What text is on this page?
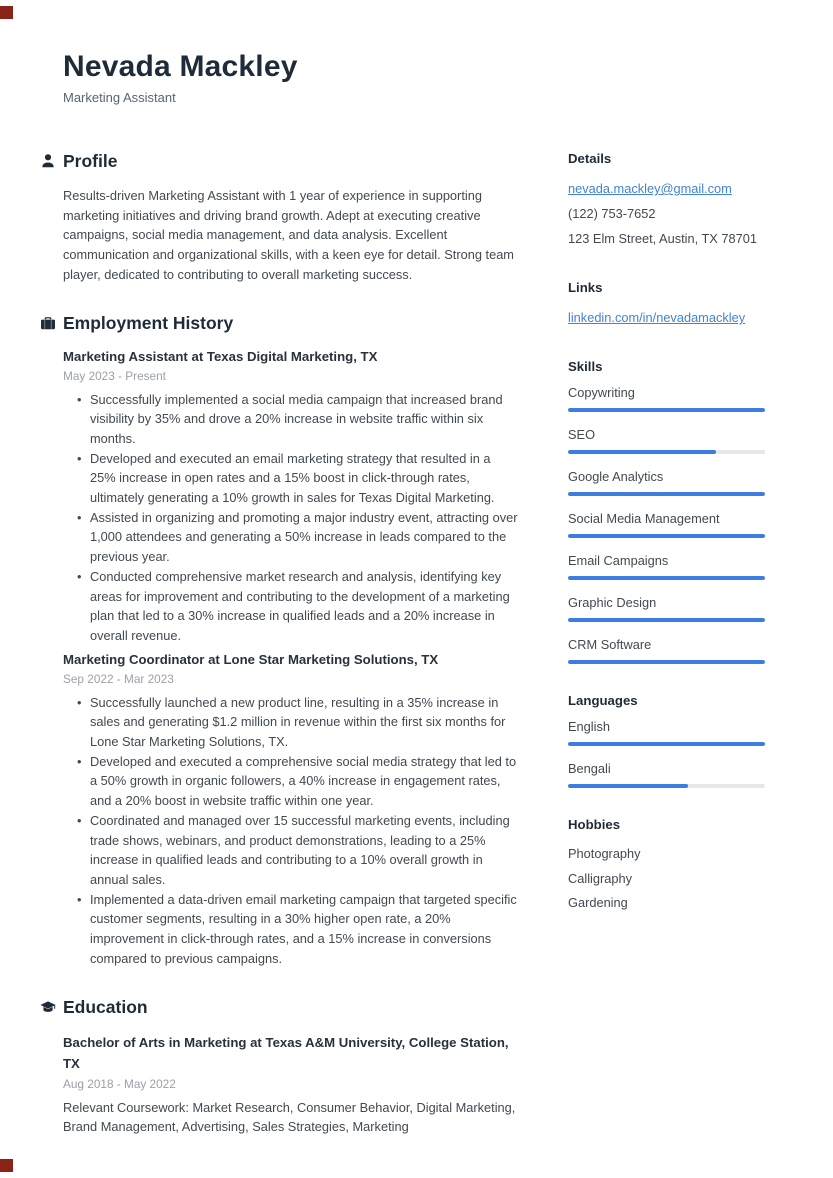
Nevada Mackley
Marketing Assistant
Profile
Results-driven Marketing Assistant with 1 year of experience in supporting marketing initiatives and driving brand growth. Adept at executing creative campaigns, social media management, and data analysis. Excellent communication and organizational skills, with a keen eye for detail. Strong team player, dedicated to contributing to overall marketing success.
Employment History
Marketing Assistant at Texas Digital Marketing, TX
May 2023 - Present
• Successfully implemented a social media campaign that increased brand visibility by 35% and drove a 20% increase in website traffic within six months.
• Developed and executed an email marketing strategy that resulted in a 25% increase in open rates and a 15% boost in click-through rates, ultimately generating a 10% growth in sales for Texas Digital Marketing.
• Assisted in organizing and promoting a major industry event, attracting over 1,000 attendees and generating a 50% increase in leads compared to the previous year.
• Conducted comprehensive market research and analysis, identifying key areas for improvement and contributing to the development of a marketing plan that led to a 30% increase in qualified leads and a 20% increase in overall revenue.
Marketing Coordinator at Lone Star Marketing Solutions, TX
Sep 2022 - Mar 2023
• Successfully launched a new product line, resulting in a 35% increase in sales and generating $1.2 million in revenue within the first six months for Lone Star Marketing Solutions, TX.
• Developed and executed a comprehensive social media strategy that led to a 50% growth in organic followers, a 40% increase in engagement rates, and a 20% boost in website traffic within one year.
• Coordinated and managed over 15 successful marketing events, including trade shows, webinars, and product demonstrations, leading to a 25% increase in qualified leads and contributing to a 10% overall growth in annual sales.
• Implemented a data-driven email marketing campaign that targeted specific customer segments, resulting in a 30% higher open rate, a 20% improvement in click-through rates, and a 15% increase in conversions compared to previous campaigns.
Education
Bachelor of Arts in Marketing at Texas A&M University, College Station, TX
Aug 2018 - May 2022
Relevant Coursework: Market Research, Consumer Behavior, Digital Marketing, Brand Management, Advertising, Sales Strategies, Marketing
Details
nevada.mackley@gmail.com
(122) 753-7652
123 Elm Street, Austin, TX 78701
Links
linkedin.com/in/nevadamackley
Skills
Copywriting
SEO
Google Analytics
Social Media Management
Email Campaigns
Graphic Design
CRM Software
Languages
English
Bengali
Hobbies
Photography
Calligraphy
Gardening
